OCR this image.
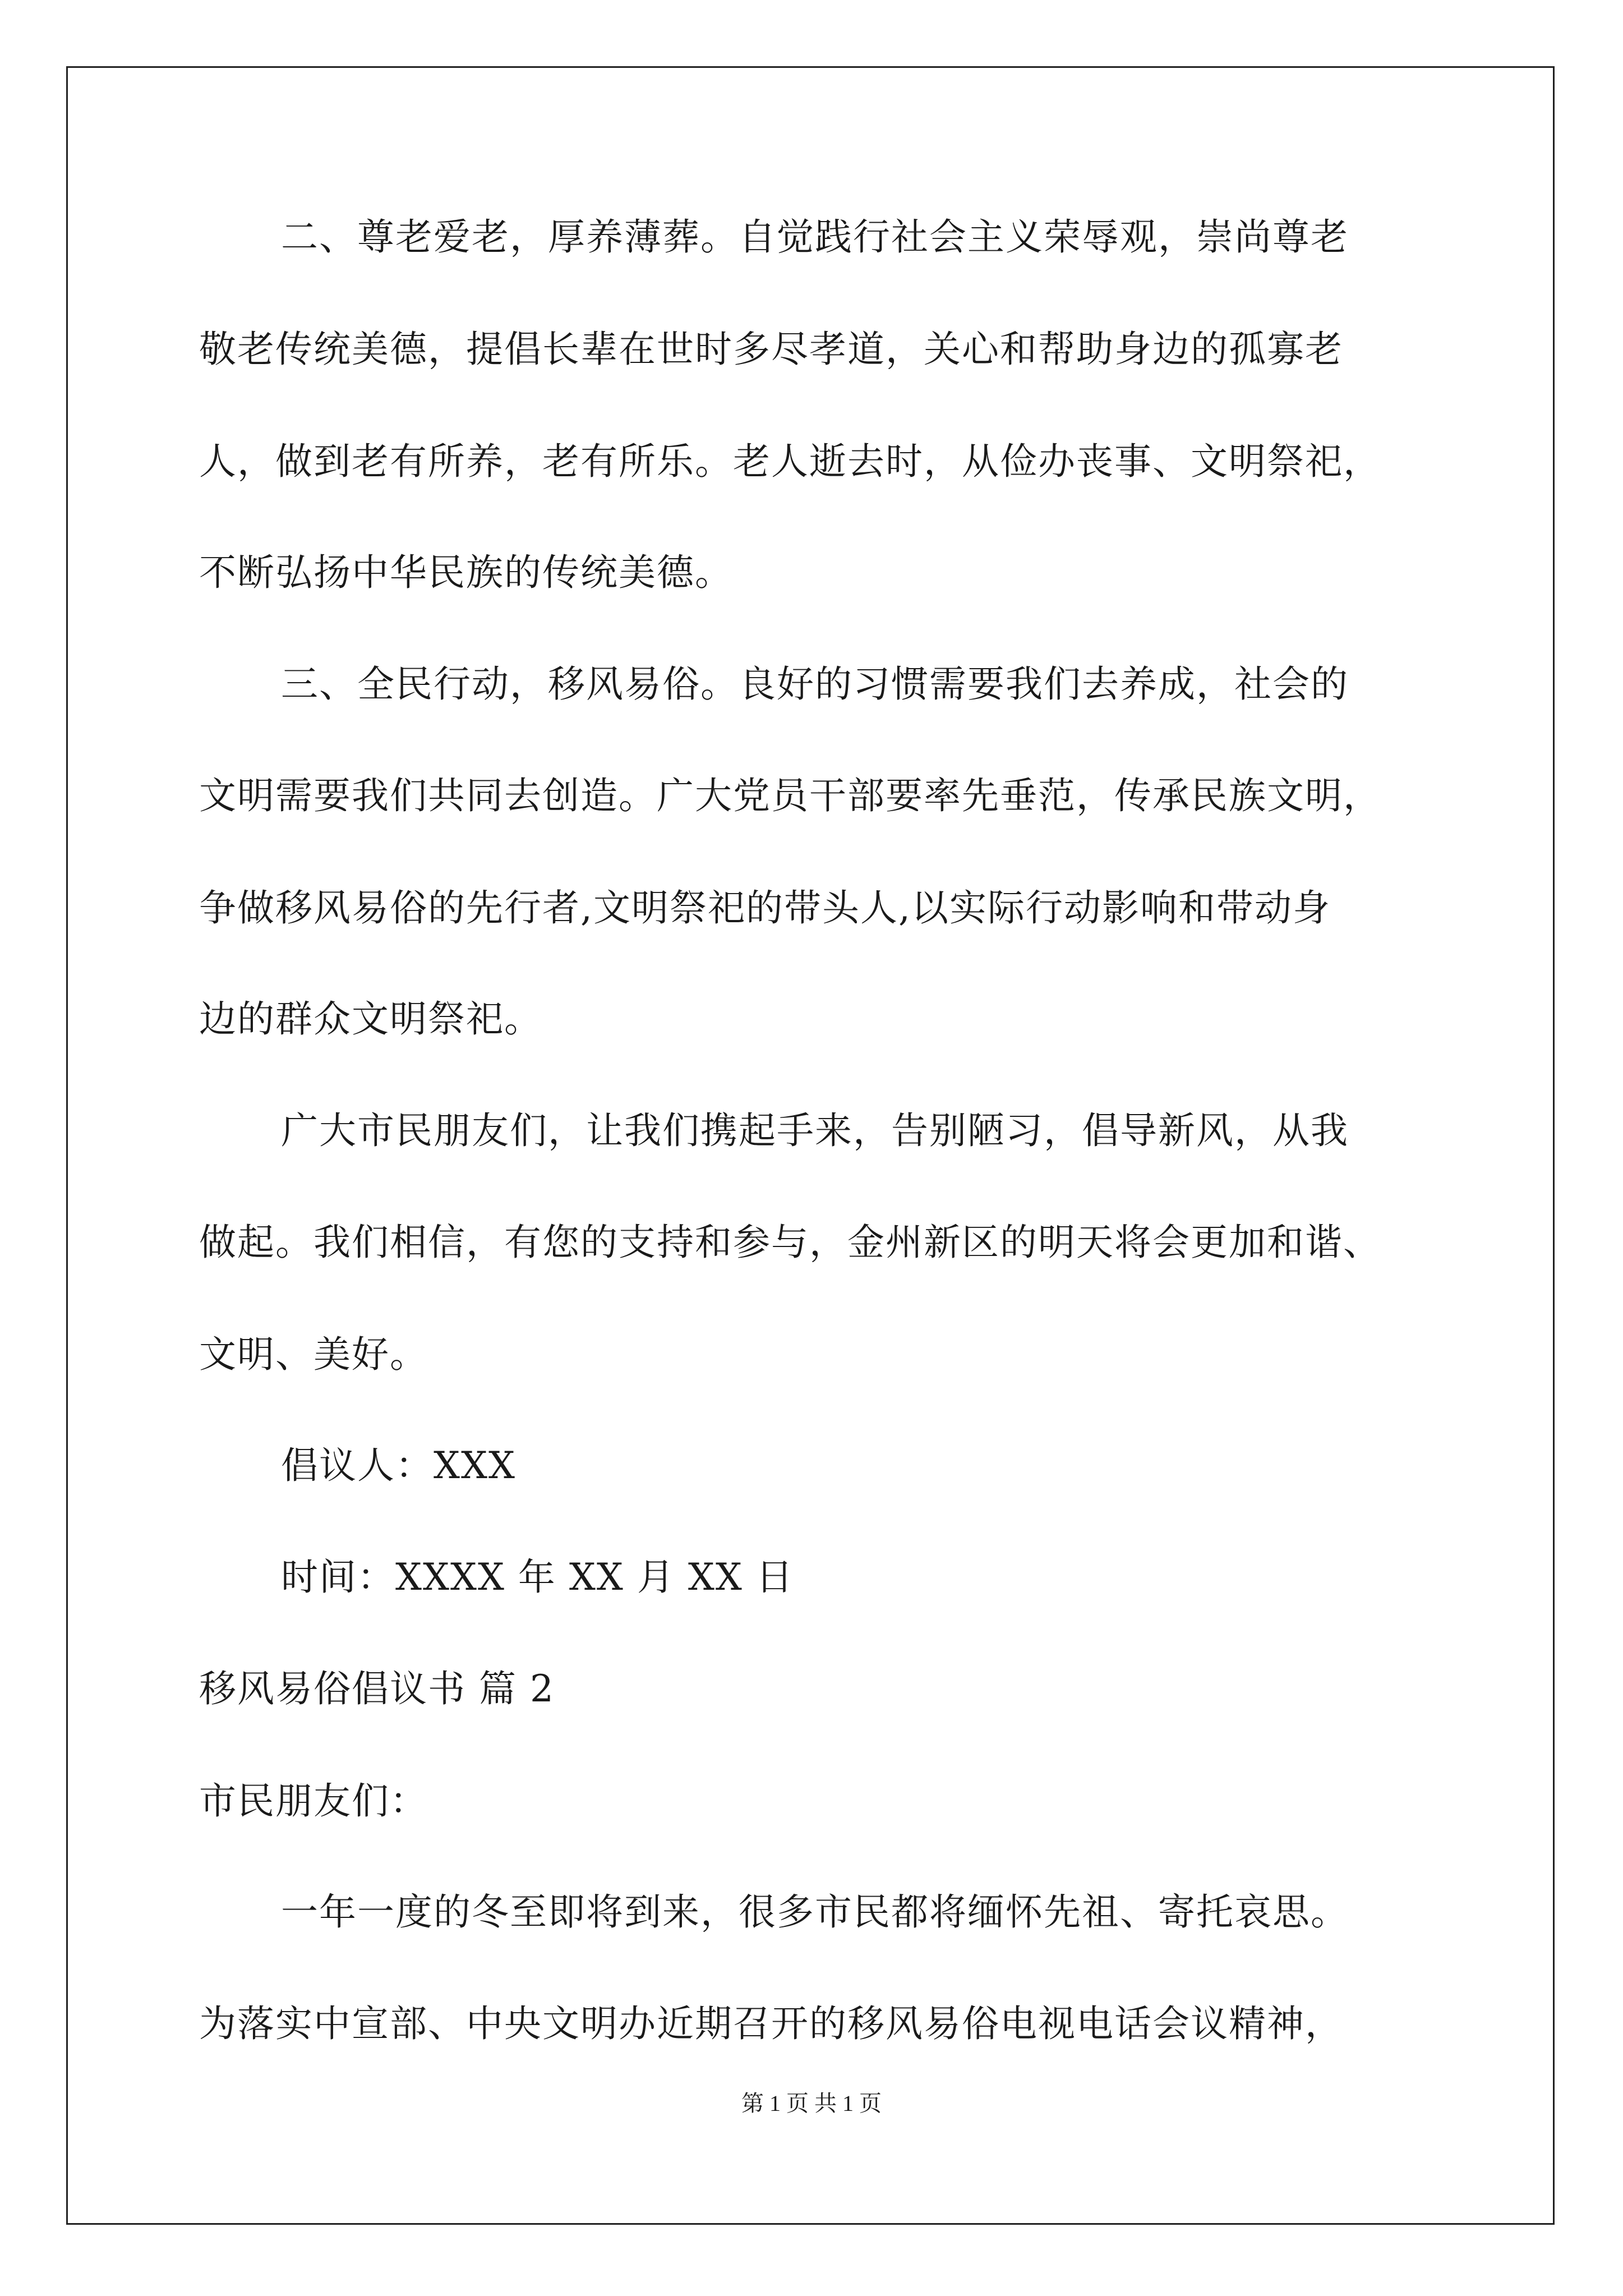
二、尊老爱老，厚养薄葬。自觉践行社会主义荣辱观，崇尚尊老

敬老传统美德，提倡长辈在世时多尽孝道，关心和帮助身边的孤寡老

人，做到老有所养，老有所乐。老人逝去时，从俭办丧事、文明祭祀，

不断弘扬中华民族的传统美德。

三、全民行动，移风易俗。良好的习惯需要我们去养成，社会的

文明需要我们共同去创造。广大党员干部要率先垂范，传承民族文明，

争做移风易俗的先行者,文明祭祀的带头人,以实际行动影响和带动身

边的群众文明祭祀。

广大市民朋友们，让我们携起手来，告别陋习，倡导新风，从我

做起。我们相信，有您的支持和参与，金州新区的明天将会更加和谐、

文明、美好。

倡议人：XXX

时间：XXXX 年 XX 月 XX 日

移风易俗倡议书 篇 2

市民朋友们：

一年一度的冬至即将到来，很多市民都将缅怀先祖、寄托哀思。

为落实中宣部、中央文明办近期召开的移风易俗电视电话会议精神，

第 1 页 共 1 页
